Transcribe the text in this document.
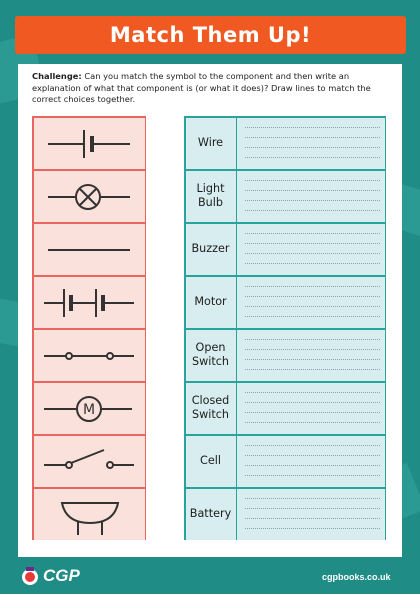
Match Them Up!
Challenge: Can you match the symbol to the component and then write an explanation of what that component is (or what it does)? Draw lines to match the correct choices together.
M
Wire

Light
Bulb
Buzzer

Motor

Open
Switch
Closed
Switch
Cell

Battery

CGP	cgpbooks.co.uk
